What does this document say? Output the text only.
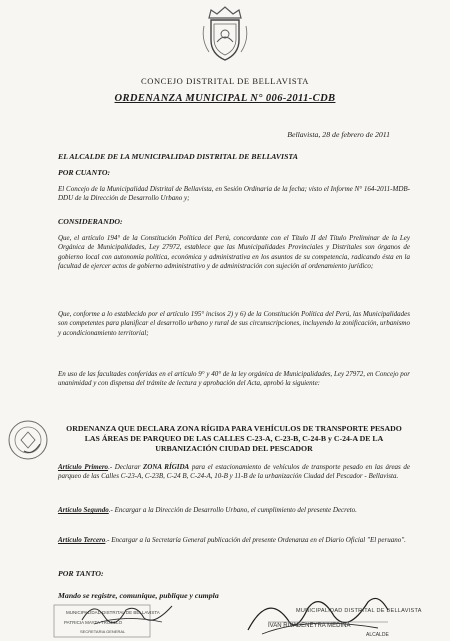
CONCEJO DISTRITAL DE BELLAVISTA
ORDENANZA MUNICIPAL N° 006-2011-CDB
Bellavista, 28 de febrero de 2011
EL ALCALDE DE LA MUNICIPALIDAD DISTRITAL DE BELLAVISTA
POR CUANTO:
El Concejo de la Municipalidad Distrital de Bellavista, en Sesión Ordinaria de la fecha; visto el Informe N° 164-2011-MDB-DDU de la Dirección de Desarrollo Urbano y;
CONSIDERANDO:
Que, el artículo 194° de la Constitución Política del Perú, concordante con el Título II del Título Preliminar de la Ley Orgánica de Municipalidades, Ley 27972, establece que las Municipalidades Provinciales y Distritales son órganos de gobierno local con autonomía política, económica y administrativa en los asuntos de su competencia, radicando ésta en la facultad de ejercer actos de gobierno administrativo y de administración con sujeción al ordenamiento jurídico;
Que, conforme a lo establecido por el artículo 195° incisos 2) y 6) de la Constitución Política del Perú, las Municipalidades son competentes para planificar el desarrollo urbano y rural de sus circunscripciones, incluyendo la zonificación, urbanismo y acondicionamiento territorial;
En uso de las facultades conferidas en el artículo 9° y 40° de la ley orgánica de Municipalidades, Ley 27972, en Concejo por unanimidad y con dispensa del trámite de lectura y aprobación del Acta, aprobó la siguiente:
ORDENANZA QUE DECLARA ZONA RÍGIDA PARA VEHÍCULOS DE TRANSPORTE PESADO LAS ÁREAS DE PARQUEO DE LAS CALLES C-23-A, C-23-B, C-24-B y C-24-A DE LA URBANIZACIÓN CIUDAD DEL PESCADOR
Artículo Primero.- Declarar ZONA RÍGIDA para el estacionamiento de vehículos de transporte pesado en las áreas de parqueo de las Calles C-23-A, C-23B, C-24 B, C-24-A, 10-B y 11-B de la urbanización Ciudad del Pescador - Bellavista.
Artículo Segundo.- Encargar a la Dirección de Desarrollo Urbano, el cumplimiento del presente Decreto.
Artículo Tercero.- Encargar a la Secretaría General publicación del presente Ordenanza en el Diario Oficial "El peruano".
POR TANTO:
Mando se registre, comunique, publique y cumpla
MUNICIPALIDAD DISTRITAL DE BELLAVISTA
PATRICIA MAYTA TRUJILLO
SECRETARIA GENERAL
MUNICIPALIDAD DISTRITAL DE BELLAVISTA
IVAN RIVADENEYRA MEDINA
ALCALDE
